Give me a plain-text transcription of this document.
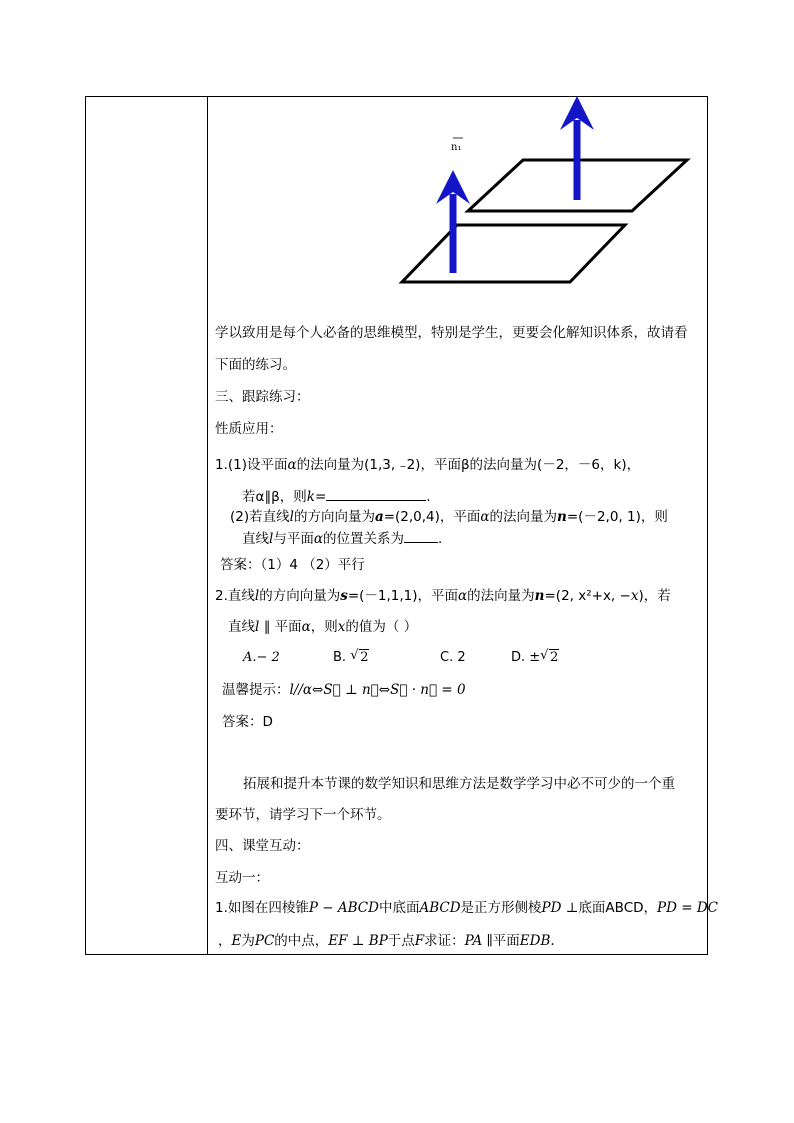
n₁
学以致用是每个人必备的思维模型，特别是学生，更要会化解知识体系，故请看
下面的练习。
三、跟踪练习：
性质应用：
1.(1)设平面α的法向量为(1,3, ₋2)，平面β的法向量为(－2，－6，k)，
若α∥β，则k=	.
(2)若直线l的方向向量为a=(2,0,4)，平面α的法向量为n=(－2,0, 1)，则
直线l与平面α的位置关系为	.
答案：（1）4 （2）平行
2.直线l的方向向量为s=(－1,1,1)，平面α的法向量为n=(2, x²+x, −x)，若
直线l ∥ 平面α，则x的值为（ ）
A.− 2	B. √ 2	C. 2	D. ± √ 2
温馨提示：l//α⇔S⃗ ⊥ n⃗⇔S⃗ · n⃗ = 0
答案：D
拓展和提升本节课的数学知识和思维方法是数学学习中必不可少的一个重
要环节，请学习下一个环节。
四、课堂互动：
互动一：
1.如图在四棱锥P − ABCD中底面ABCD是正方形侧棱PD ⊥底面ABCD，PD = DC
，E为PC的中点，EF ⊥ BP于点F求证：PA ∥平面EDB.
